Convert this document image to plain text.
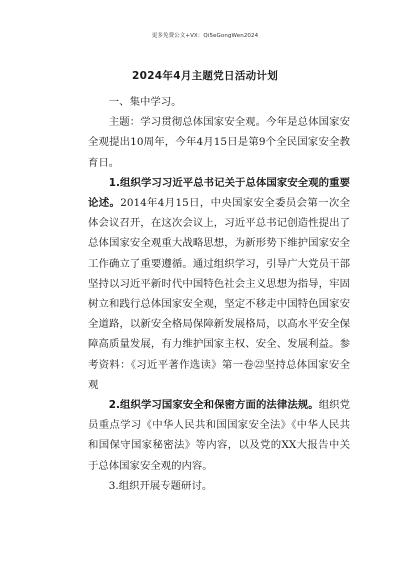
更多免费公文+VX：Qi5eGongWen2024
2024年4月主题党日活动计划

一、集中学习。

主题：学习贯彻总体国家安全观。今年是总体国家安全观提出10周年，今年4月15日是第9个全民国家安全教育日。

1.组织学习习近平总书记关于总体国家安全观的重要论述。2014年4月15日，中央国家安全委员会第一次全体会议召开，在这次会议上，习近平总书记创造性提出了总体国家安全观重大战略思想，为新形势下维护国家安全工作确立了重要遵循。通过组织学习，引导广大党员干部坚持以习近平新时代中国特色社会主义思想为指导，牢固树立和践行总体国家安全观，坚定不移走中国特色国家安全道路，以新安全格局保障新发展格局，以高水平安全保障高质量发展，有力维护国家主权、安全、发展利益。参考资料：《习近平著作选读》第一卷㉒坚持总体国家安全观

2.组织学习国家安全和保密方面的法律法规。组织党员重点学习《中华人民共和国国家安全法》《中华人民共和国保守国家秘密法》等内容，以及党的XX大报告中关于总体国家安全观的内容。

3.组织开展专题研讨。
